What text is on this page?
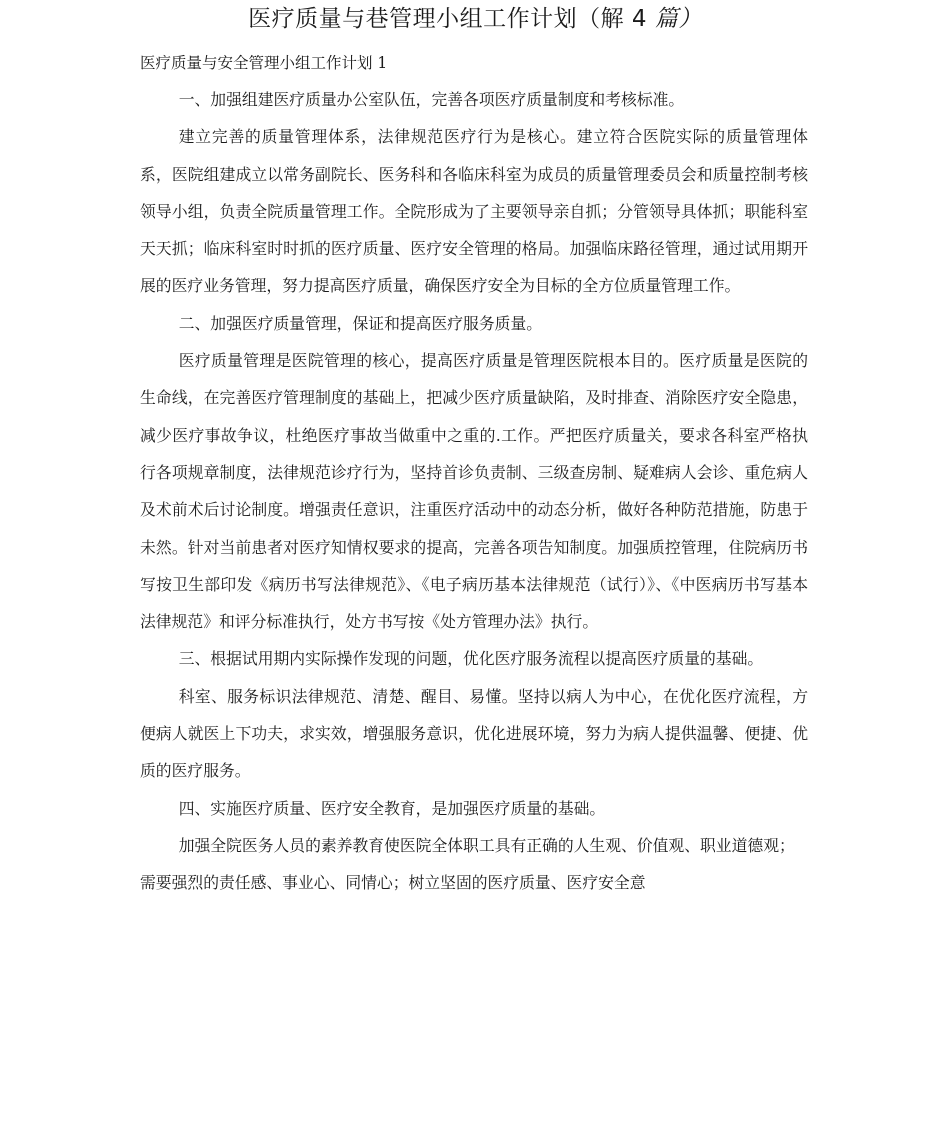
医疗质量与巷管理小组工作计划（解 4 篇）
医疗质量与安全管理小组工作计划 1

一、加强组建医疗质量办公室队伍，完善各项医疗质量制度和考核标准。

建立完善的质量管理体系，法律规范医疗行为是核心。建立符合医院实际的质量管理体系，医院组建成立以常务副院长、医务科和各临床科室为成员的质量管理委员会和质量控制考核领导小组，负责全院质量管理工作。全院形成为了主要领导亲自抓；分管领导具体抓；职能科室天天抓；临床科室时时抓的医疗质量、医疗安全管理的格局。加强临床路径管理，通过试用期开展的医疗业务管理，努力提高医疗质量，确保医疗安全为目标的全方位质量管理工作。

二、加强医疗质量管理，保证和提高医疗服务质量。

医疗质量管理是医院管理的核心，提高医疗质量是管理医院根本目的。医疗质量是医院的生命线，在完善医疗管理制度的基础上，把减少医疗质量缺陷，及时排查、消除医疗安全隐患，减少医疗事故争议，杜绝医疗事故当做重中之重的.工作。严把医疗质量关，要求各科室严格执行各项规章制度，法律规范诊疗行为，坚持首诊负责制、三级查房制、疑难病人会诊、重危病人及术前术后讨论制度。增强责任意识，注重医疗活动中的动态分析，做好各种防范措施，防患于未然。针对当前患者对医疗知情权要求的提高，完善各项告知制度。加强质控管理，住院病历书写按卫生部印发《病历书写法律规范》、《电子病历基本法律规范（试行）》、《中医病历书写基本法律规范》和评分标准执行，处方书写按《处方管理办法》执行。

三、根据试用期内实际操作发现的问题，优化医疗服务流程以提高医疗质量的基础。

科室、服务标识法律规范、清楚、醒目、易懂。坚持以病人为中心，在优化医疗流程，方便病人就医上下功夫，求实效，增强服务意识，优化进展环境，努力为病人提供温馨、便捷、优质的医疗服务。

四、实施医疗质量、医疗安全教育，是加强医疗质量的基础。

加强全院医务人员的素养教育使医院全体职工具有正确的人生观、价值观、职业道德观；需要强烈的责任感、事业心、同情心；树立坚固的医疗质量、医疗安全意
